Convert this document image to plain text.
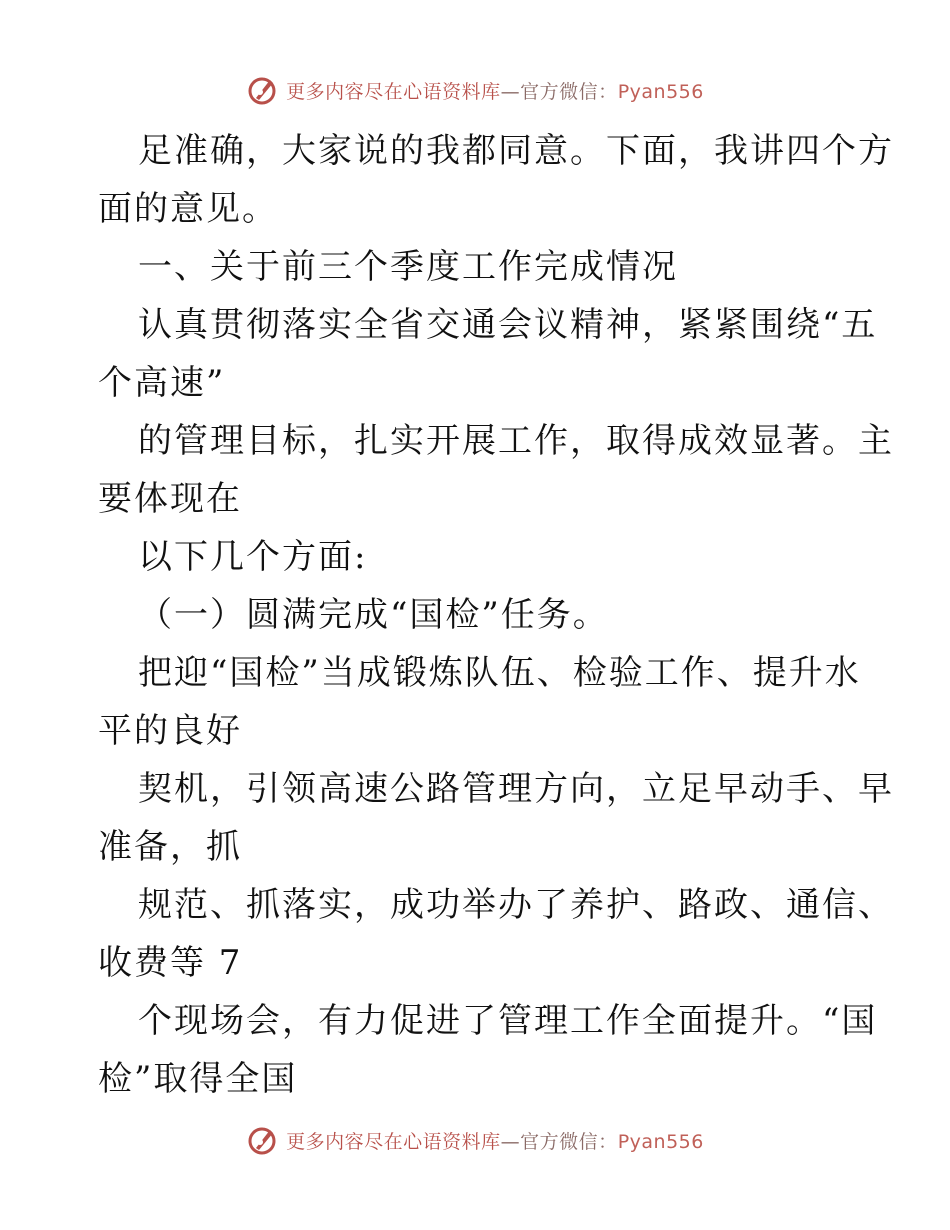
更多内容尽在心语资料库—官方微信：Pyan556
足准确，大家说的我都同意。下面，我讲四个方
面的意见。
一、关于前三个季度工作完成情况
认真贯彻落实全省交通会议精神，紧紧围绕“五
个高速”
的管理目标，扎实开展工作，取得成效显著。主
要体现在
以下几个方面:
（一）圆满完成“国检”任务。
把迎“国检”当成锻炼队伍、检验工作、提升水
平的良好
契机，引领高速公路管理方向，立足早动手、早
准备，抓
规范、抓落实，成功举办了养护、路政、通信、
收费等 7
个现场会，有力促进了管理工作全面提升。“国
检”取得全国
更多内容尽在心语资料库—官方微信：Pyan556
